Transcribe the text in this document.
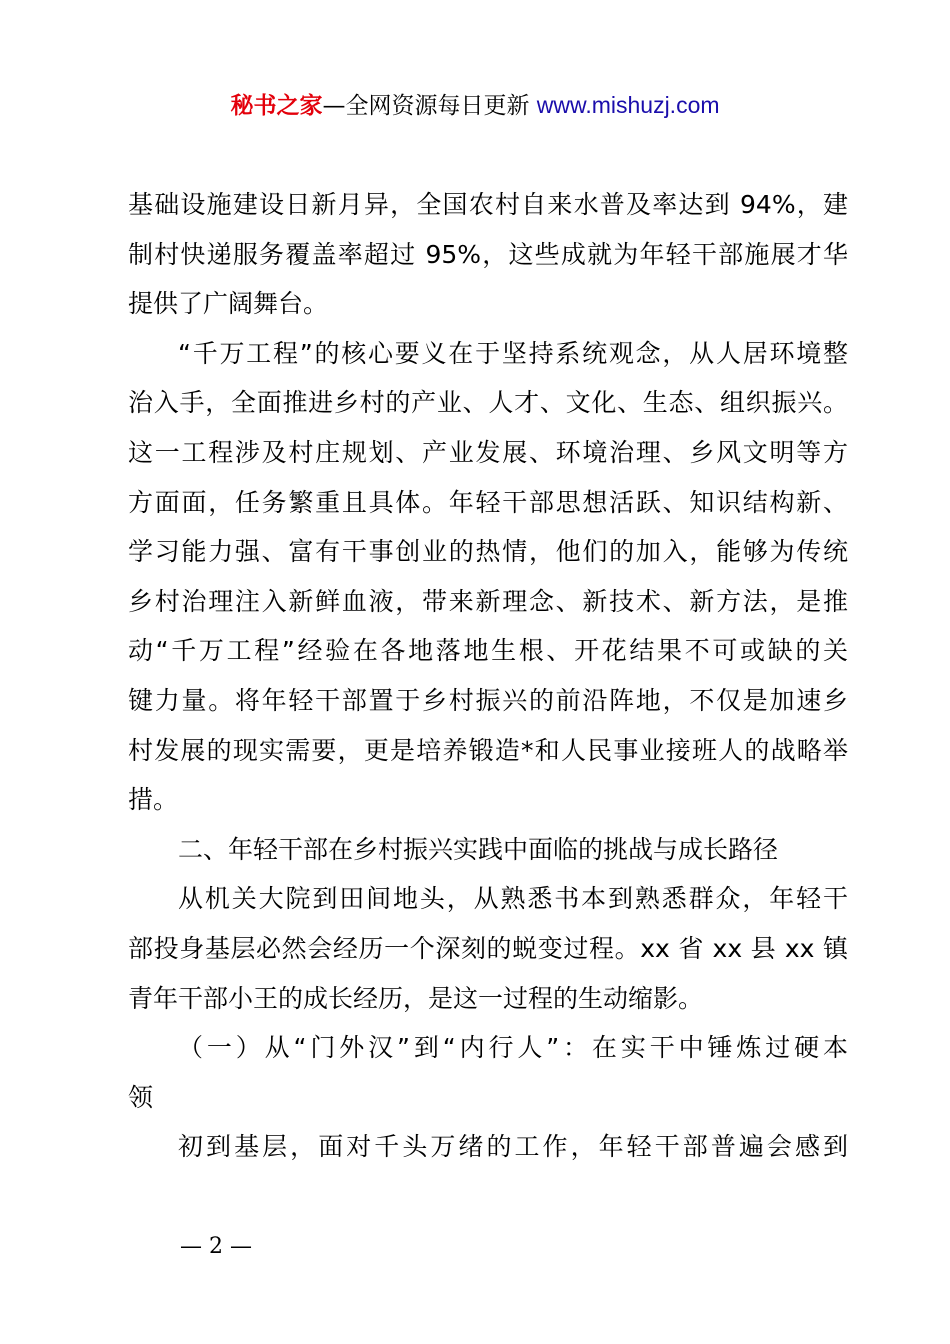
秘书之家—全网资源每日更新 www.mishuzj.com
基础设施建设日新月异，全国农村自来水普及率达到 94%，建
制村快递服务覆盖率超过 95%，这些成就为年轻干部施展才华
提供了广阔舞台。
“千万工程”的核心要义在于坚持系统观念，从人居环境整
治入手，全面推进乡村的产业、人才、文化、生态、组织振兴。
这一工程涉及村庄规划、产业发展、环境治理、乡风文明等方
方面面，任务繁重且具体。年轻干部思想活跃、知识结构新、
学习能力强、富有干事创业的热情，他们的加入，能够为传统
乡村治理注入新鲜血液，带来新理念、新技术、新方法，是推
动“千万工程”经验在各地落地生根、开花结果不可或缺的关
键力量。将年轻干部置于乡村振兴的前沿阵地，不仅是加速乡
村发展的现实需要，更是培养锻造*和人民事业接班人的战略举
措。
二、年轻干部在乡村振兴实践中面临的挑战与成长路径
从机关大院到田间地头，从熟悉书本到熟悉群众，年轻干
部投身基层必然会经历一个深刻的蜕变过程。xx 省 xx 县 xx 镇
青年干部小王的成长经历，是这一过程的生动缩影。
（一）从“门外汉”到“内行人”：在实干中锤炼过硬本
领
初到基层，面对千头万绪的工作，年轻干部普遍会感到
— 2 —
